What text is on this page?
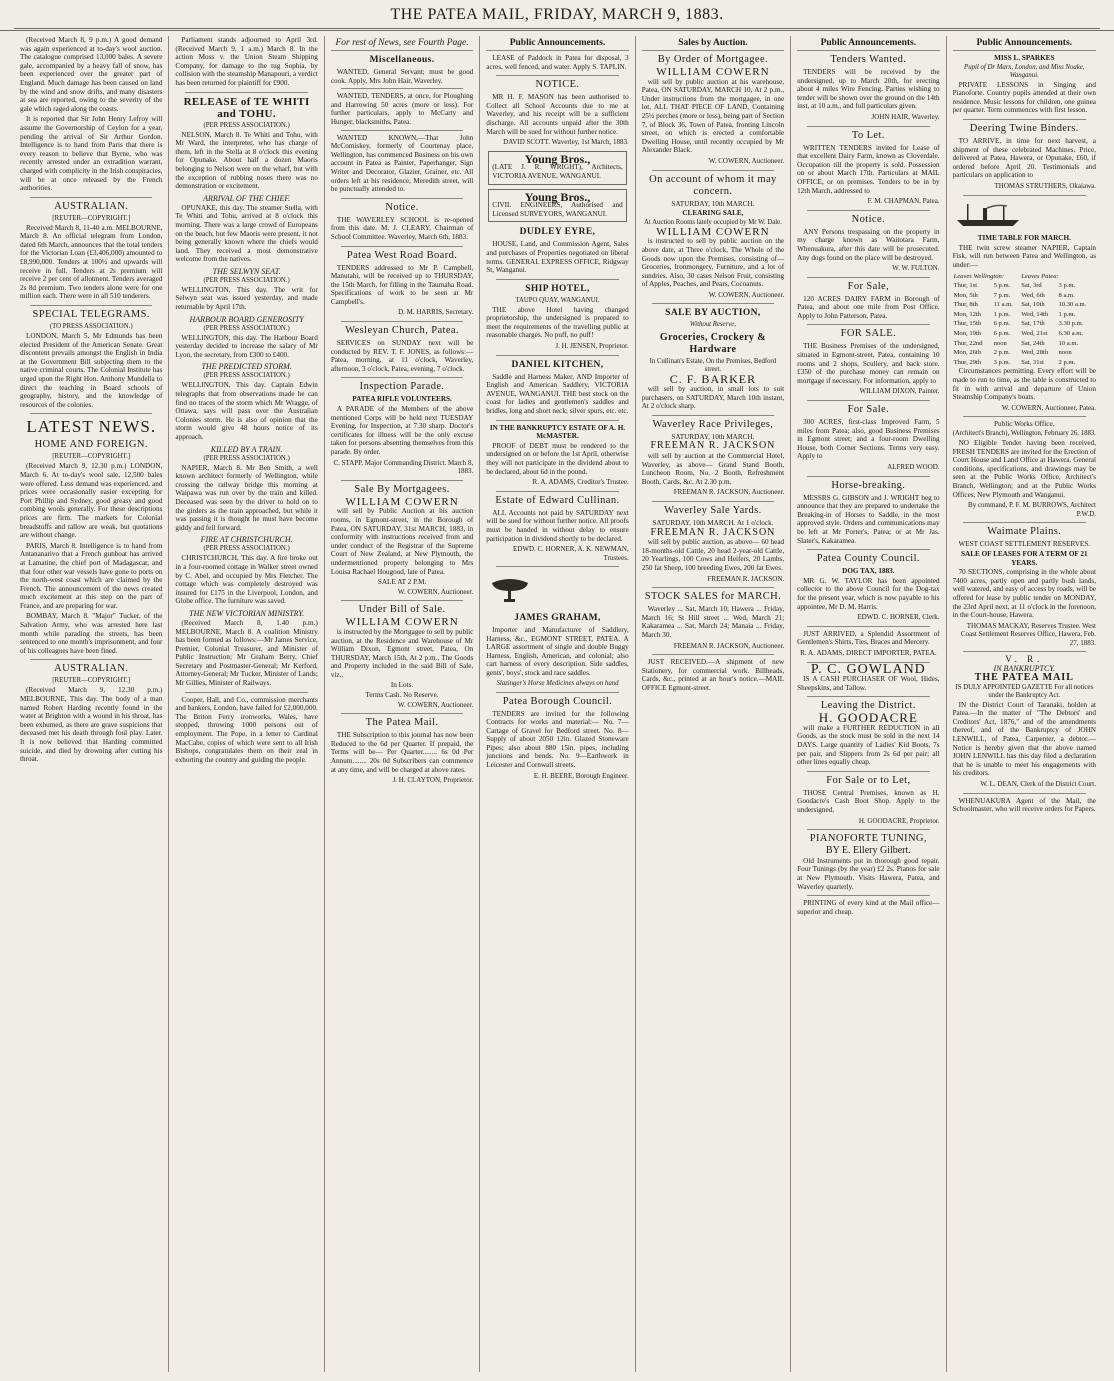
THE PATEA MAIL, FRIDAY, MARCH 9, 1883.

(Received March 8, 9 p.m.) A good demand was again experienced at to-day's wool auction. The catalogue comprised 13,000 bales. A severe gale, accompanied by a heavy fall of snow, has been experienced over the greater part of England. Much damage has been caused on land by the wind and snow drifts, and many disasters at sea are reported, owing to the severity of the gale which raged along the coasts.

It is reported that Sir John Henry Lefroy will assume the Governorship of Ceylon for a year, pending the arrival of Sir Arthur Gordon. Intelligence is to hand from Paris that there is every reason to believe that Byrne, who was recently arrested under an extradition warrant, charged with complicity in the Irish conspiracies, will be at once released by the French authorities.

AUSTRALIAN.
[REUTER—COPYRIGHT.]

Received March 8, 11-40 a.m. MELBOURNE, March 8. An official telegram from London, dated 6th March, announces that the total tenders for the Victorian Loan (£3,406,000) amounted to £8,990,000. Tenders at 100½ and upwards will receive in full. Tenders at 2s premium will receive 2 per cent of allotment. Tenders averaged 2s 8d premium. Two tenders alone were for one million each. There were in all 510 tenderers.

SPECIAL TELEGRAMS.
(TO PRESS ASSOCIATION.)

LONDON, March 5. Mr Edmunds has been elected President of the American Senate. Great discontent prevails amongst the English in India at the Government Bill subjecting them to the native criminal courts. The Colonial Institute has urged upon the Right Hon. Anthony Mundella to direct the teaching in Board schools of geography, history, and the knowledge of resources of the colonies.

LATEST NEWS.
HOME AND FOREIGN.
[REUTER—COPYRIGHT.]

(Received March 9, 12.30 p.m.) LONDON, March 6. At to-day's wool sale, 12,500 bales were offered. Less demand was experienced, and prices were occasionally easier excepting for Port Phillip and Sydney, good greasy and good combing wools generally. For these descriptions prices are firm. The markets for Colonial breadstuffs and tallow are weak, but quotations are without change.

PARIS, March 8. Intelligence is to hand from Antananarivo that a French gunboat has arrived at Lamatine, the chief port of Madagascar, and that four other war vessels have gone to ports on the north-west coast which are claimed by the French. The announcement of the news created much excitement at this step on the part of France, and are preparing for war.

BOMBAY, March 8. "Major" Tucker, of the Salvation Army, who was arrested here last month while parading the streets, has been sentenced to one month's imprisonment, and four of his colleagues have been fined.

AUSTRALIAN.
[REUTER—COPYRIGHT.]

(Received March 9, 12.30 p.m.) MELBOURNE, This day. The body of a man named Robert Harding recently found in the water at Brighton with a wound in his throat, has been exhumed, as there are grave suspicions that deceased met his death through foul play. Later. It is now believed that Harding committed suicide, and died by drowning after cutting his throat.

Parliament stands adjourned to April 3rd. (Received March 9, 1 a.m.) March 8. In the action Moss v. the Union Steam Shipping Company, for damage to the tug Sophia, by collision with the steamship Manapouri, a verdict has been returned for plaintiff for £900.

RELEASE of TE WHITI and TOHU.
(PER PRESS ASSOCIATION.)

NELSON, March 8. Te Whiti and Tohu, with Mr Ward, the interpreter, who has charge of them, left in the Stella at 8 o'clock this evening for Opunake. About half a dozen Maoris belonging to Nelson were on the wharf, but with the exception of rubbing noses there was no demonstration or excitement.

ARRIVAL OF THE CHIEF.

OPUNAKE, this day. The steamer Stella, with Te Whiti and Tohu, arrived at 8 o'clock this morning. There was a large crowd of Europeans on the beach, but few Maoris were present, it not being generally known where the chiefs would land. They received a most demonstrative welcome from the natives.

THE SELWYN SEAT.
(PER PRESS ASSOCIATION.)

WELLINGTON, This day. The writ for Selwyn seat was issued yesterday, and made returnable by April 17th.

HARBOUR BOARD GENEROSITY
(PER PRESS ASSOCIATION.)

WELLINGTON, this day. The Harbour Board yesterday decided to increase the salary of Mr Lyon, the secretary, from £300 to £400.

THE PREDICTED STORM.
(PER PRESS ASSOCIATION.)

WELLINGTON, This day. Captain Edwin telegraphs that from observations made he can find no traces of the storm which Mr Wragge, of Ottawa, says will pass over the Australian Colonies storm. He is also of opinion that the storm would give 48 hours notice of its approach.

KILLED BY A TRAIN.
(PER PRESS ASSOCIATION.)

NAPIER, March 8. Mr Ben Smith, a well known architect formerly of Wellington, while crossing the railway bridge this morning at Waipawa was run over by the train and killed. Deceased was seen by the driver to hold on to the girders as the train approached, but while it was passing it is thought he must have become giddy and fell forward.

FIRE AT CHRISTCHURCH.
(PER PRESS ASSOCIATION.)

CHRISTCHURCH, This day. A fire broke out in a four-roomed cottage in Walker street owned by C. Abel, and occupied by Mrs Fletcher. The cottage which was completely destroyed was insured for £175 in the Liverpool, London, and Globe office. The furniture was saved.

THE NEW VICTORIAN MINISTRY.

(Received March 8, 1.40 p.m.) MELBOURNE, March 8. A coalition Ministry has been formed as follows:—Mr James Service, Premier, Colonial Treasurer, and Minister of Public Instruction; Mr Graham Berry, Chief Secretary and Postmaster-General; Mr Kerford, Attorney-General; Mr Tucker, Minister of Lands; Mr Gillies, Minister of Railways.

Cooper, Hall, and Co., commission merchants and bankers, London, have failed for £2,000,000. The Briton Ferry ironworks, Wales, have stopped, throwing 1000 persons out of employment. The Pope, in a letter to Cardinal MacCabe, copies of which were sent to all Irish Bishops, congratulates them on their zeal in exhorting the country and guiding the people.

For rest of News, see Fourth Page.
Miscellaneous.

WANTED, General Servant; must be good cook. Apply, Mrs John Hair, Waverley.

WANTED, TENDERS, at once, for Ploughing and Harrowing 50 acres (more or less). For further particulars, apply to McCarty and Hunger, blacksmiths, Patea.

WANTED KNOWN,—That John McComiskey, formerly of Courtenay place, Wellington, has commenced Business on his own account in Patea as Painter, Paperhanger, Sign Writer and Decorator, Glazier, Grainer, etc. All orders left at his residence, Meredith street, will be punctually attended to.

Notice.

THE WAVERLEY SCHOOL is re-opened from this date. M. J. CLEARY, Chairman of School Committee. Waverley, March 6th, 1883.

Patea West Road Board.

TENDERS addressed to Mr P. Campbell, Manutahi, will be received up to THURSDAY, the 15th March, for filling in the Taumaha Road. Specifications of work to be seen at Mr Campbell's.

D. M. HARRIS, Secretary.
Wesleyan Church, Patea.

SERVICES on SUNDAY next will be conducted by REV. T. F. JONES, as follows:— Patea, morning, at 11 o'clock, Waverley, afternoon, 3 o'clock, Patea, evening, 7 o'clock.

Inspection Parade.
PATEA RIFLE VOLUNTEERS.

A PARADE of the Members of the above mentioned Corps will be held next TUESDAY Evening, for Inspection, at 7.30 sharp. Doctor's certificates for illness will be the only excuse taken for persons absenting themselves from this parade. By order.

C. STAPP, Major Commanding District. March 8, 1883.
Sale By Mortgagees.
WILLIAM COWERN

will sell by Public Auction at his auction rooms, in Egmont-street, in the Borough of Patea, ON SATURDAY, 31st MARCH, 1883, in conformity with instructions received from and under conduct of the Registrar of the Supreme Court of New Zealand, at New Plymouth, the undermentioned property belonging to Mrs Louisa Rachael Hougood, late of Patea.

SALE AT 2 P.M.
W. COWERN, Auctioneer.
Under Bill of Sale.
WILLIAM COWERN

is instructed by the Mortgagee to sell by public auction, at the Residence and Warehouse of Mr William Dixon, Egmont street, Patea, On THURSDAY, March 15th, At 2 p.m., The Goods and Property included in the said Bill of Sale, viz.,

In Lots.
Terms Cash. No Reserve.
W. COWERN, Auctioneer.
The Patea Mail.

THE Subscription to this journal has now been Reduced to the 6d per Quarter. If prepaid, the Terms will be— Per Quarter........ 6s 0d Per Annum........ 20s 0d Subscribers can commence at any time, and will be charged at above rates.

J. H. CLAYTON, Proprietor.
Public Announcements.

LEASE of Paddock in Patea for disposal, 3 acres, well fenced, and water. Apply S. TAPLIN.

NOTICE.

MR H. F. MASON has been authorised to Collect all School Accounts due to me at Waverley, and his receipt will be a sufficient discharge. All accounts unpaid after the 30th March will be sued for without further notice.

DAVID SCOTT. Waverley, 1st March, 1883.
Young Bros.,
(LATE J. R. WRIGHT), Architects, VICTORIA AVENUE, WANGANUI.
Young Bros.,
CIVIL ENGINEERS, Authorised and Licensed SURVEYORS, WANGANUI.
DUDLEY EYRE,

HOUSE, Land, and Commission Agent, Sales and purchases of Properties negotiated on liberal terms. GENERAL EXPRESS OFFICE, Ridgway St, Wanganui.

SHIP HOTEL,
TAUPO QUAY, WANGANUI.

THE above Hotel having changed proprietorship, the undersigned is prepared to meet the requirements of the travelling public at reasonable charges. No puff, no puff!

J. H. JENSEN, Proprietor.
DANIEL KITCHEN,

Saddle and Harness Maker, AND Importer of English and American Saddlery, VICTORIA AVENUE, WANGANUI. THE best stock on the coast for ladies and gentlemen's saddles and bridles, long and short neck; silver spurs, etc. etc.

IN THE BANKRUPTCY ESTATE OF A. H. McMASTER.

PROOF of DEBT must be rendered to the undersigned on or before the 1st April, otherwise they will not participate in the dividend about to be declared, about 6d in the pound.

R. A. ADAMS, Creditor's Trustee.
Estate of Edward Cullinan.

ALL Accounts not paid by SATURDAY next will be sued for without further notice. All proofs must be handed in without delay to ensure participation in dividend shortly to be declared.

EDWD. C. HORNER, A. K. NEWMAN, Trustees.
JAMES GRAHAM,

Importer and Manufacturer of Saddlery, Harness, &c., EGMONT STREET, PATEA. A LARGE assortment of single and double Buggy Harness, English, American, and colonial; also cart harness of every description. Side saddles, gents', boys', stock and race saddles.

Slazinger's Horse Medicines always on hand
Patea Borough Council.

TENDERS are invited for the following Contracts for works and material:— No. 7—Cartage of Gravel for Bedford street. No. 8—Supply of about 2050 12in. Glazed Stoneware Pipes; also about 880 15in. pipes, including junctions and bends. No. 9—Earthwork in Leicester and Cornwall streets.

E. H. BEERE, Borough Engineer.
Sales by Auction.
By Order of Mortgagee.
WILLIAM COWERN

will sell by public auction at his warehouse, Patea, ON SATURDAY, MARCH 10, At 2 p.m., Under instructions from the mortgagee, in one lot, ALL THAT PIECE OF LAND, Containing 25½ perches (more or less), being part of Section 7, of Block 36, Town of Patea, fronting Lincoln street, on which is erected a comfortable Dwelling House, until recently occupied by Mr Alexander Black.

W. COWERN, Auctioneer.
On account of whom it may concern.
SATURDAY, 10th MARCH.
CLEARING SALE,
At Auction Rooms lately occupied by Mr W. Dale.
WILLIAM COWERN

is instructed to sell by public auction on the above date, at Three o'clock, The Whole of the Goods now upon the Premises, consisting of— Groceries, Ironmongery, Furniture, and a lot of sundries. Also, 30 cases Nelson Fruit, consisting of Apples, Peaches, and Pears, Cocoanuts.

W. COWERN, Auctioneer.
SALE BY AUCTION,
Without Reserve,
Groceries, Crockery & Hardware
In Cullinan's Estate, On the Premises, Bedford street.
C. F. BARKER

will sell by auction, in small lots to suit purchasers, on SATURDAY, March 10th instant, At 2 o'clock sharp.

Waverley Race Privileges,
SATURDAY, 10th MARCH.
FREEMAN R. JACKSON

will sell by auction at the Commercial Hotel, Waverley, as above— Grand Stand Booth, Luncheon Room, No. 2 Booth, Refreshment Booth, Cards, &c. At 2.30 p.m.

FREEMAN R. JACKSON, Auctioneer.
Waverley Sale Yards.
SATURDAY, 10th MARCH. At 1 o'clock.
FREEMAN R. JACKSON

will sell by public auction, as above— 60 head 18-months-old Cattle, 20 head 2-year-old Cattle, 20 Yearlings, 100 Cows and Heifers, 20 Lambs, 250 fat Sheep, 100 breeding Ewes, 200 fat Ewes.

FREEMAN R. JACKSON.
STOCK SALES for MARCH.

Waverley ... Sat, March 10; Hawera ... Friday, March 16; St Hill street ... Wed, March 21; Kakaramea ... Sat, March 24; Manaia ... Friday, March 30.

FREEMAN R. JACKSON, Auctioneer.

JUST RECEIVED.—A shipment of new Stationery, for commercial work. Billheads, Cards, &c., printed at an hour's notice.—MAIL OFFICE Egmont-street.

Public Announcements.
Tenders Wanted.

TENDERS will be received by the undersigned, up to March 20th, for erecting about 4 miles Wire Fencing. Parties wishing to tender will be shown over the ground on the 14th inst, at 10 a.m., and full particulars given.

JOHN HAIR, Waverley.
To Let.

WRITTEN TENDERS invited for Lease of that excellent Dairy Farm, known as Cloverdale. Occupation till the property is sold. Possession on or about March 17th. Particulars at MAIL OFFICE, or on premises. Tenders to be in by 12th March, addressed to

F. M. CHAPMAN, Patea.
Notice.

ANY Persons trespassing on the property in my charge known as Waitotara Farm, Whenuakura, after this date will be prosecuted. Any dogs found on the place will be destroyed.

W. W. FULTON.
For Sale,

120 ACRES DAIRY FARM in Borough of Patea, and about one mile from Post Office. Apply to John Patterson, Patea.

FOR SALE.

THE Business Premises of the undersigned, situated in Egmont-street, Patea, containing 10 rooms and 2 shops, Scullery, and back store. £350 of the purchase money can remain on mortgage if necessary. For information, apply to

WILLIAM DIXON, Painter.
For Sale.

300 ACRES, first-class Improved Farm, 5 miles from Patea; also, good Business Premises in Egmont street; and a four-room Dwelling House, both Corner Sections. Terms very easy. Apply to

ALFRED WOOD.
Horse-breaking.

MESSRS G. GIBSON and J. WRIGHT beg to announce that they are prepared to undertake the Breaking-in of Horses to Saddle, in the most approved style. Orders and communications may be left at Mr Porter's, Patea; or at Mr Jas. Slater's, Kakaramea.

Patea County Council.
DOG TAX, 1883.

MR G. W. TAYLOR has been appointed collector to the above Council for the Dog-tax for the present year, which is now payable to his appointee, Mr D. M. Harris.

EDWD. C. HORNER, Clerk.

JUST ARRIVED, a Splendid Assortment of Gentlemen's Shirts, Ties, Braces and Mercery.

R. A. ADAMS, DIRECT IMPORTER, PATEA.
P. C. GOWLAND

IS A CASH PURCHASER OF Wool, Hides, Sheepskins, and Tallow.

Leaving the District.
H. GOODACRE

will make a FURTHER REDUCTION in all Goods, as the stock must be sold in the next 14 DAYS. Large quantity of Ladies' Kid Boots, 7s per pair, and Slippers from 2s 6d per pair; all other lines equally cheap.

For Sale or to Let,

THOSE Central Premises, known as H. Goodacre's Cash Boot Shop. Apply to the undersigned,

H. GOODACRE, Proprietor.
PIANOFORTE TUNING,
BY E. Ellery Gilbert.

Old Instruments put in thorough good repair. Four Tunings (by the year) £2 2s. Pianos for sale at New Plymouth. Visits Hawera, Patea, and Waverley quarterly.

PRINTING of every kind at the Mail office—superior and cheap.

Public Announcements.
MISS L. SPARKES
Pupil of Dr Marx, London, and Miss Noake, Wanganui.

PRIVATE LESSONS in Singing and Pianoforte. Country pupils attended at their own residence. Music lessons for children, one guinea per quarter. Term commences with first lesson.

Deering Twine Binders.

TO ARRIVE, in time for next harvest, a shipment of these celebrated Machines. Price, delivered at Patea, Hawera, or Opunake, £60, if ordered before April 20. Testimonials and particulars on application to

THOMAS STRUTHERS, Okaiawa.
TIME TABLE FOR MARCH.

THE twin screw steamer NAPIER, Captain Fisk, will run between Patea and Wellington, as under:—

Leaves Wellington:		Leaves Patea:	
Thur, 1st	5 p.m.	Sat, 3rd	3 p.m.
Mon, 5th	7 p.m.	Wed, 6th	8 a.m.
Thur, 8th	11 a.m.	Sat, 10th	10.30 a.m.
Mon, 12th	1 p.m.	Wed, 14th	1 p.m.
Thur, 15th	6 p.m.	Sat, 17th	3.30 p.m.
Mon, 19th	6 p.m.	Wed, 21st	6.30 a.m.
Thur, 22nd	noon	Sat, 24th	10 a.m.
Mon, 26th	2 p.m.	Wed, 28th	noon
Thur, 29th	3 p.m.	Sat, 31st	2 p.m.

Circumstances permitting. Every effort will be made to run to time, as the table is constructed to fit in with arrival and departure of Union Steamship Company's boats.

W. COWERN, Auctioneer, Patea.
Public Works Office,
(Architect's Branch), Wellington, February 26, 1883.

NO Eligible Tender having been received, FRESH TENDERS are invited for the Erection of Court House and Land Office at Hawera. General conditions, specifications, and drawings may be seen at the Public Works Office, Architect's Branch, Wellington; and at the Public Works Offices, New Plymouth and Wanganui.

By command, P. F. M. BURROWS, Architect P.W.D.
Waimate Plains.
WEST COAST SETTLEMENT RESERVES.
SALE OF LEASES FOR A TERM OF 21 YEARS.

70 SECTIONS, comprising in the whole about 7400 acres, partly open and partly bush lands, well watered, and easy of access by roads, will be offered for lease by public tender on MONDAY, the 23rd April next, at 11 o'clock in the forenoon, in the Court-house, Hawera.

THOMAS MACKAY, Reserves Trustee. West Coast Settlement Reserves Office, Hawera, Feb. 27, 1883.
V. R.
IN BANKRUPTCY.
THE PATEA MAIL
IS DULY APPOINTED GAZETTE For all notices under the Bankruptcy Act.

IN the District Court of Taranaki, holden at Patea.—In the matter of "The Debtors' and Creditors' Act, 1876," and of the amendments thereof, and of the Bankruptcy of JOHN LENWILL, of Patea, Carpenter, a debtor.—Notice is hereby given that the above named JOHN LENWILL has this day filed a declaration that he is unable to meet his engagements with his creditors.

W. L. DEAN, Clerk of the District Court.

WHENUAKURA Agent of the Mail, the Schoolmaster, who will receive orders for Papers.
